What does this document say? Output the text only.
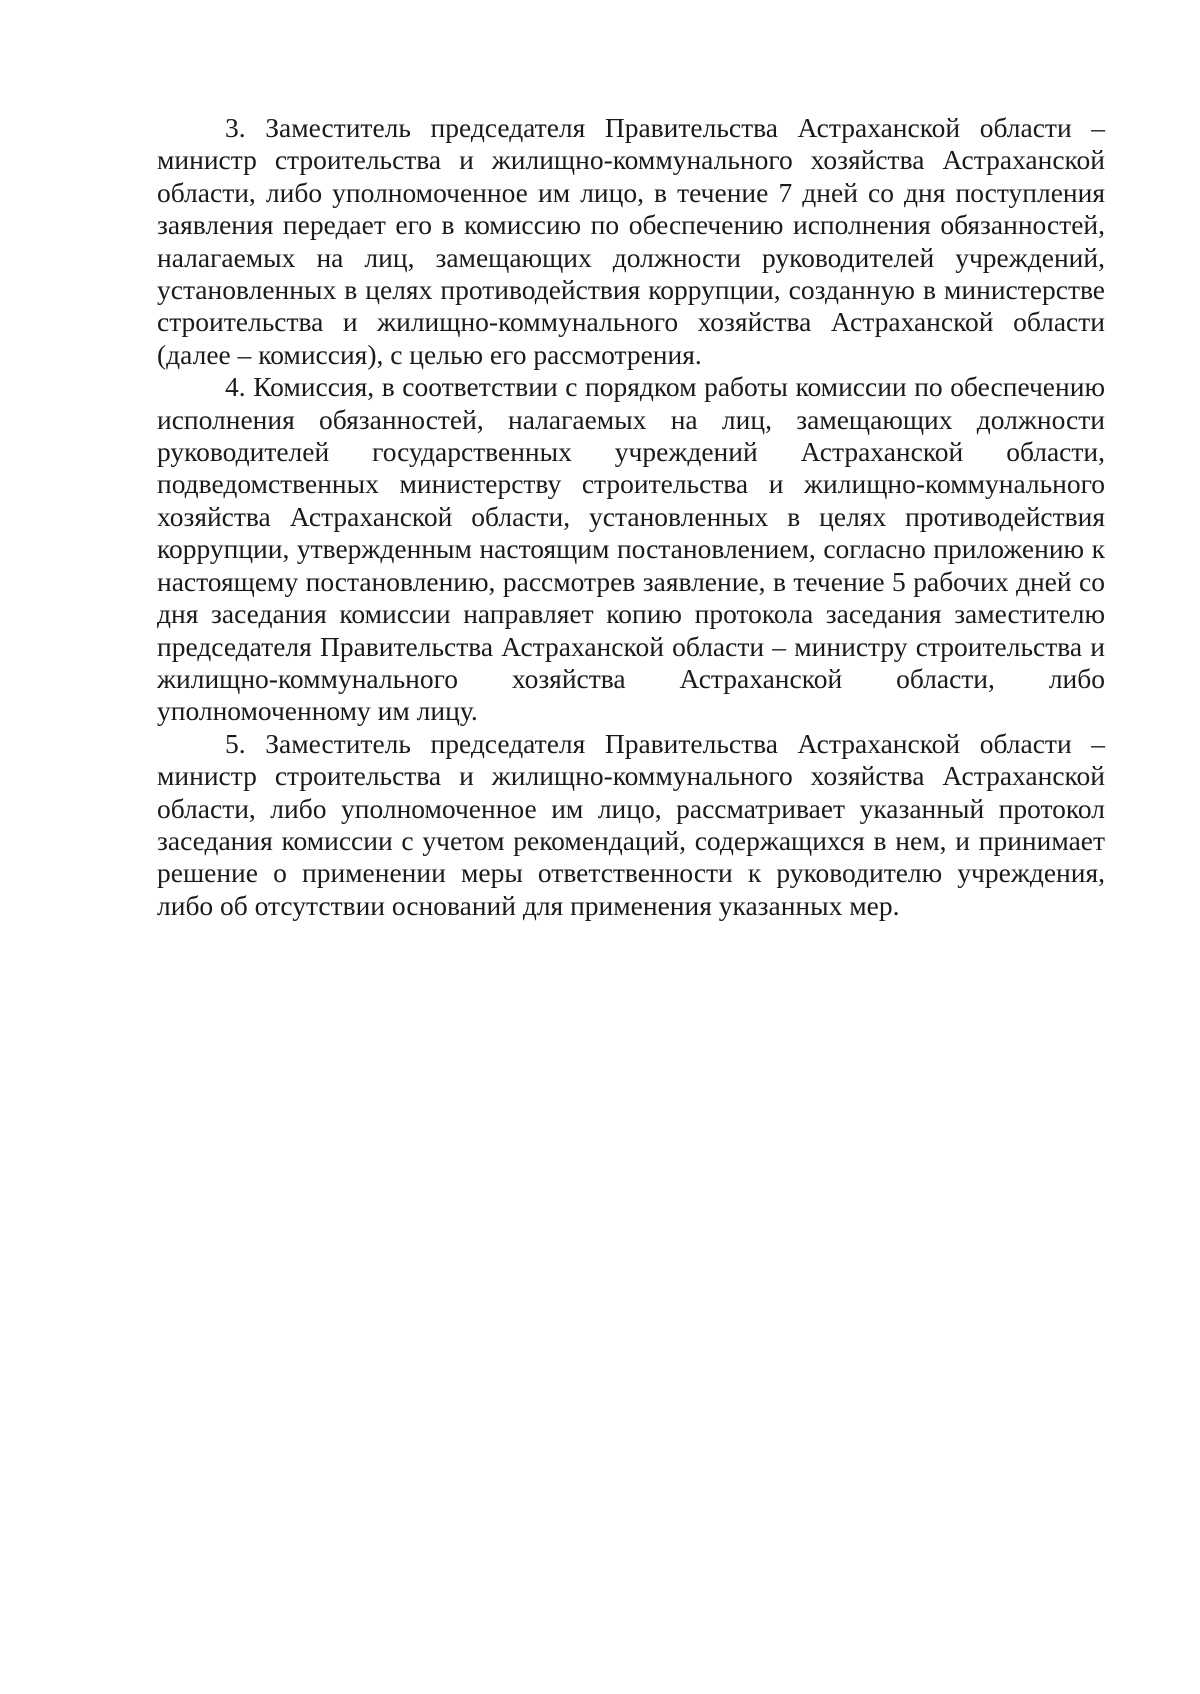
3. Заместитель председателя Правительства Астраханской области – министр строительства и жилищно-коммунального хозяйства Астраханской области, либо уполномоченное им лицо, в течение 7 дней со дня поступления заявления передает его в комиссию по обеспечению исполнения обязанностей, налагаемых на лиц, замещающих должности руководителей учреждений, установленных в целях противодействия коррупции, созданную в министерстве строительства и жилищно-коммунального хозяйства Астраханской области (далее – комиссия), с целью его рассмотрения.

4. Комиссия, в соответствии с порядком работы комиссии по обеспечению исполнения обязанностей, налагаемых на лиц, замещающих должности руководителей государственных учреждений Астраханской области, подведомственных министерству строительства и жилищно-коммунального хозяйства Астраханской области, установленных в целях противодействия коррупции, утвержденным настоящим постановлением, согласно приложению к настоящему постановлению, рассмотрев заявление, в течение 5 рабочих дней со дня заседания комиссии направляет копию протокола заседания заместителю председателя Правительства Астраханской области – министру строительства и жилищно-коммунального хозяйства Астраханской области, либо уполномоченному им лицу.

5. Заместитель председателя Правительства Астраханской области – министр строительства и жилищно-коммунального хозяйства Астраханской области, либо уполномоченное им лицо, рассматривает указанный протокол заседания комиссии с учетом рекомендаций, содержащихся в нем, и принимает решение о применении меры ответственности к руководителю учреждения, либо об отсутствии оснований для применения указанных мер.
